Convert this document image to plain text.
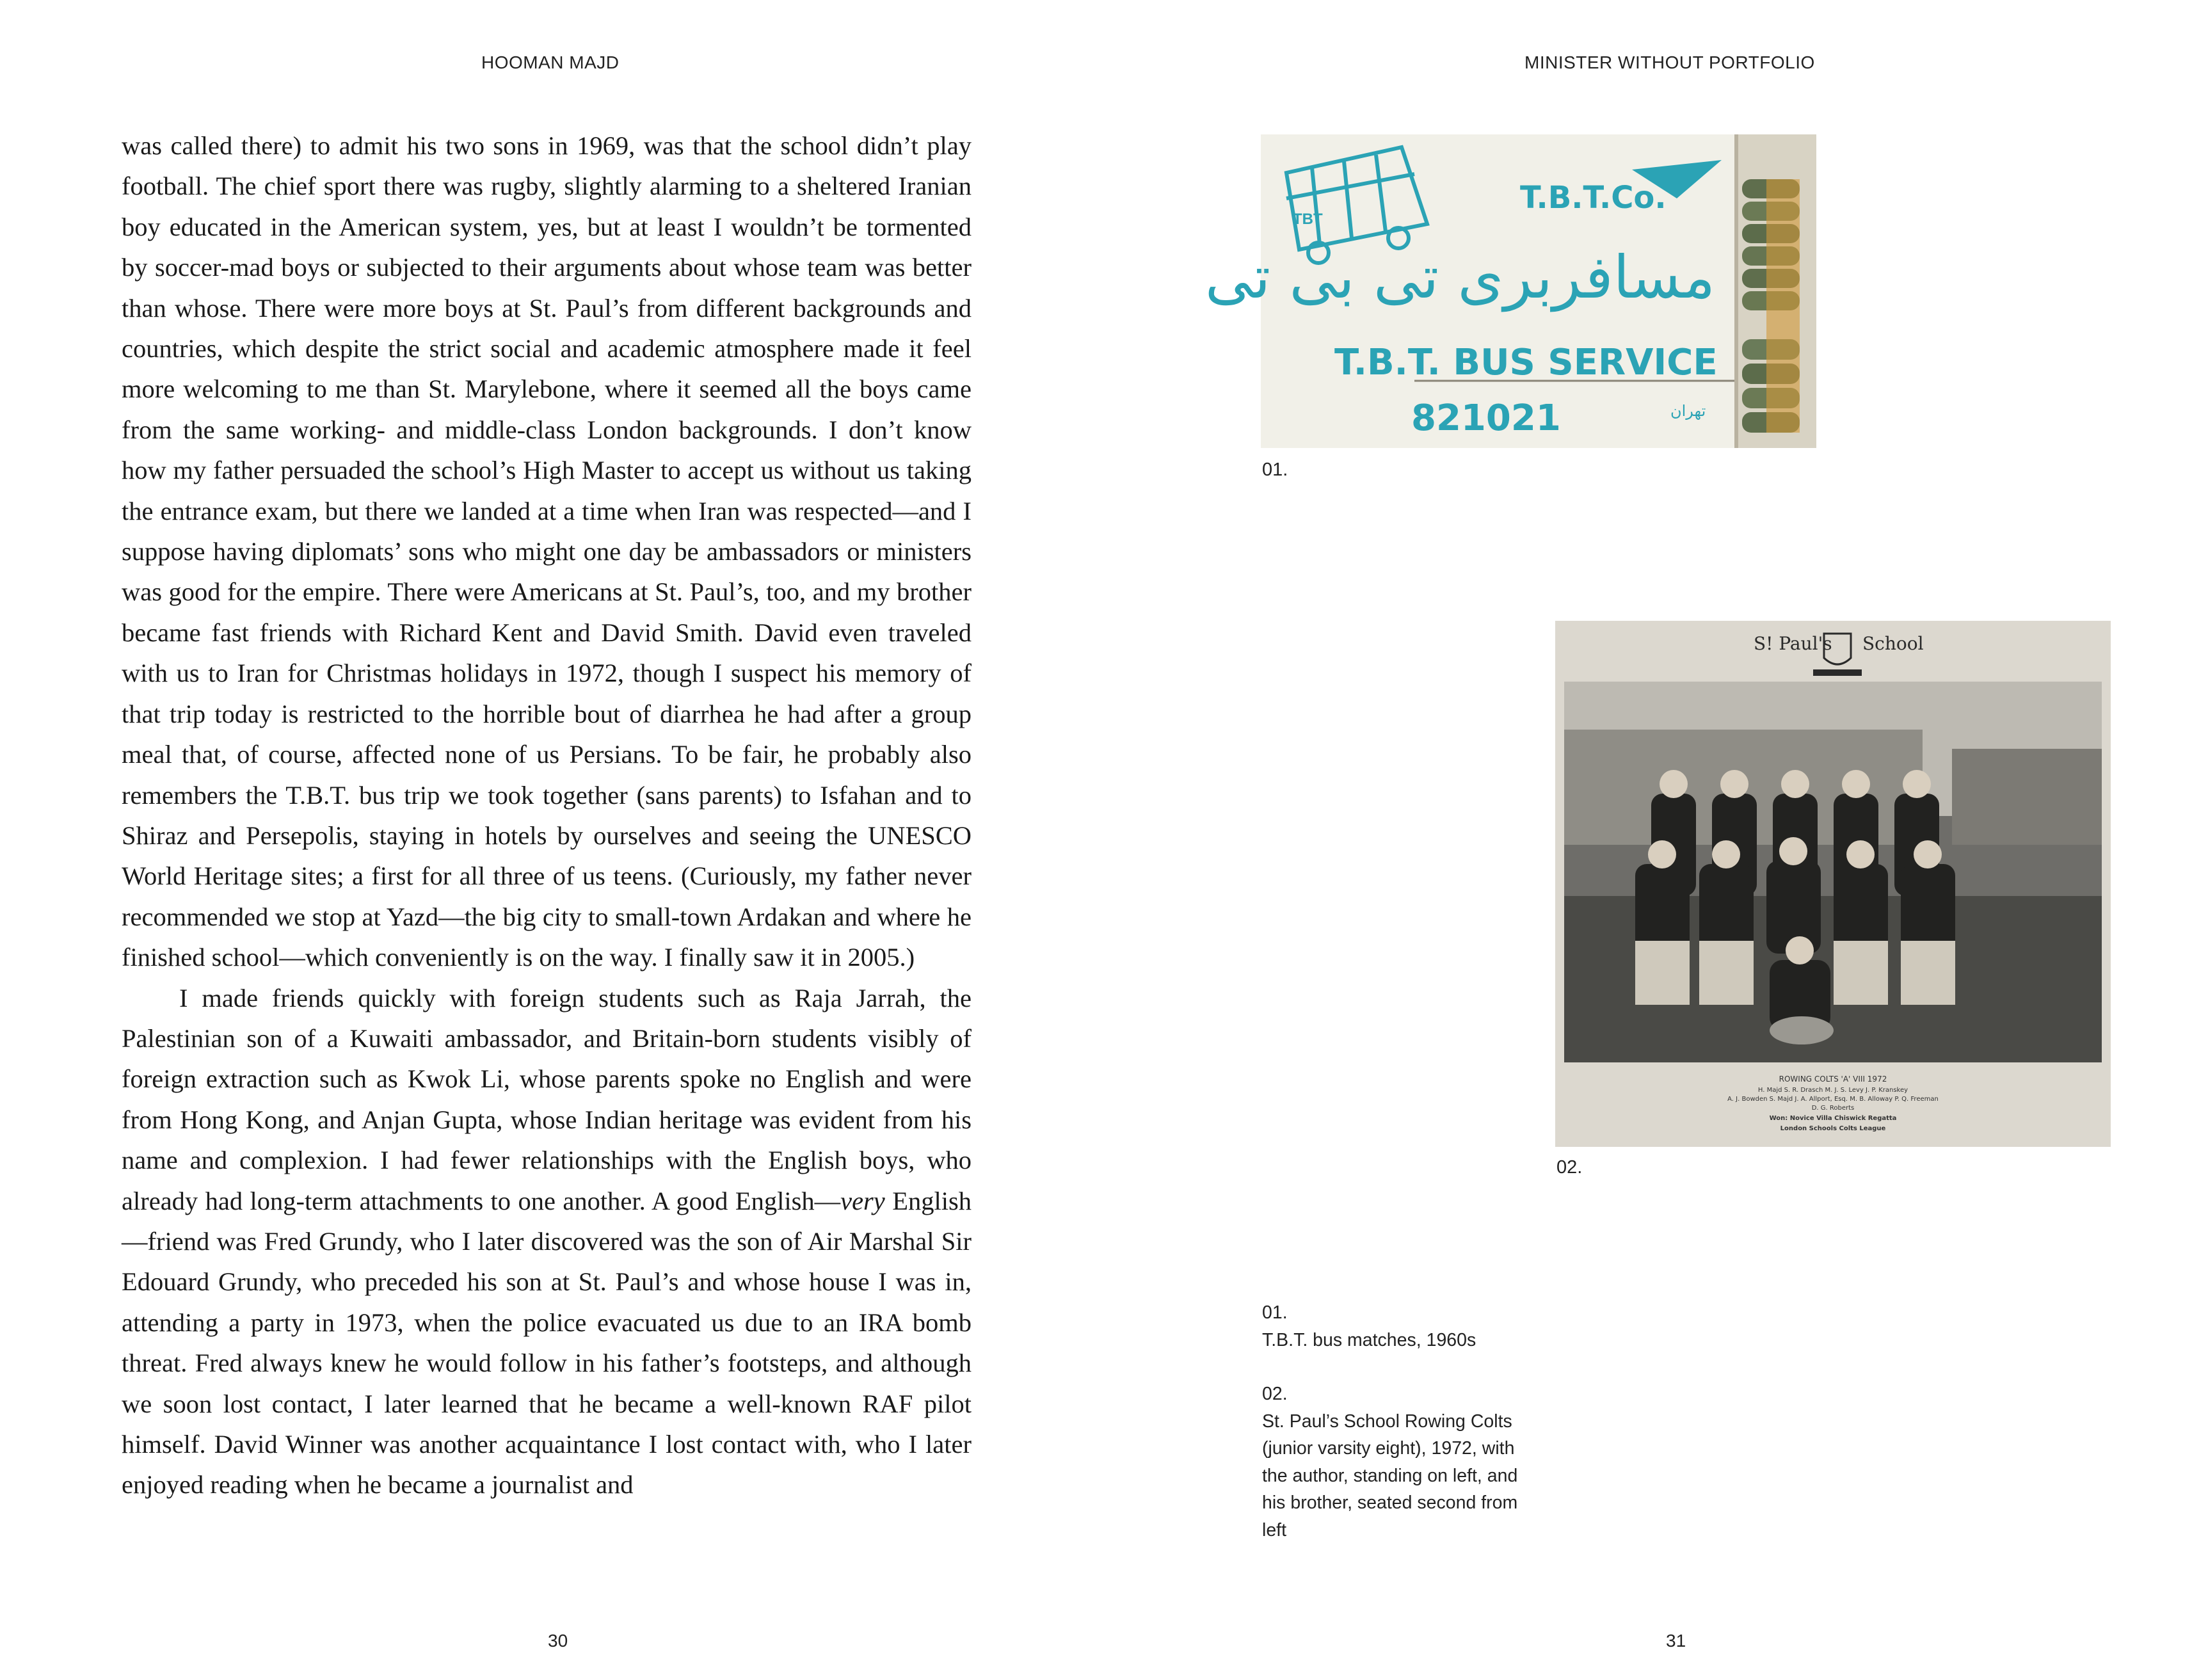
HOOMAN MAJD	MINISTER WITHOUT PORTFOLIO

was called there) to admit his two sons in 1969, was that the school didn’t play football. The chief sport there was rugby, slightly alarming to a sheltered Iranian boy educated in the American system, yes, but at least I wouldn’t be tormented by soccer-mad boys or subjected to their arguments about whose team was better than whose. There were more boys at St. Paul’s from different backgrounds and countries, which despite the strict social and academic atmosphere made it feel more welcoming to me than St. Marylebone, where it seemed all the boys came from the same working- and middle-class London backgrounds. I don’t know how my father persuaded the school’s High Master to accept us without us taking the entrance exam, but there we landed at a time when Iran was respected—and I suppose having diplomats’ sons who might one day be ambassadors or ministers was good for the empire. There were Americans at St. Paul’s, too, and my brother became fast friends with Richard Kent and David Smith. David even traveled with us to Iran for Christmas holidays in 1972, though I suspect his memory of that trip today is restricted to the horrible bout of diarrhea he had after a group meal that, of course, affected none of us Persians. To be fair, he probably also remembers the T.B.T. bus trip we took together (sans parents) to Isfahan and to Shiraz and Persepolis, staying in hotels by ourselves and seeing the UNESCO World Heritage sites; a first for all three of us teens. (Curiously, my father never recommended we stop at Yazd—the big city to small-town Ardakan and where he finished school—which conveniently is on the way. I finally saw it in 2005.)

I made friends quickly with foreign students such as Raja Jarrah, the Palestinian son of a Kuwaiti ambassador, and Britain-born students visibly of foreign extraction such as Kwok Li, whose parents spoke no English and were from Hong Kong, and Anjan Gupta, whose Indian heritage was evident from his name and complexion. I had fewer relationships with the English boys, who already had long-term attachments to one another. A good English—very English—friend was Fred Grundy, who I later discovered was the son of Air Marshal Sir Edouard Grundy, who preceded his son at St. Paul’s and whose house I was in, attending a party in 1973, when the police evacuated us due to an IRA bomb threat. Fred always knew he would follow in his father’s footsteps, and although we soon lost contact, I later learned that he became a well-known RAF pilot himself. David Winner was another acquaintance I lost contact with, who I later enjoyed reading when he became a journalist and

TBT
T.B.T.Co.
مسافربری تی بی تی
T.B.T. BUS SERVICE
821021	تهران
01.
S! Paul's School
ROWING COLTS 'A' VIII 1972
H. Majd S. R. Drasch M. J. S. Levy J. P. Kranskey
A. J. Bowden S. Majd J. A. Allport, Esq. M. B. Alloway P. Q. Freeman
D. G. Roberts
Won: Novice Villa Chiswick Regatta
London Schools Colts League
02.
01.
T.B.T. bus matches, 1960s
02.
St. Paul’s School Rowing Colts (junior varsity eight), 1972, with the author, standing on left, and his brother, seated second from left
30	31
